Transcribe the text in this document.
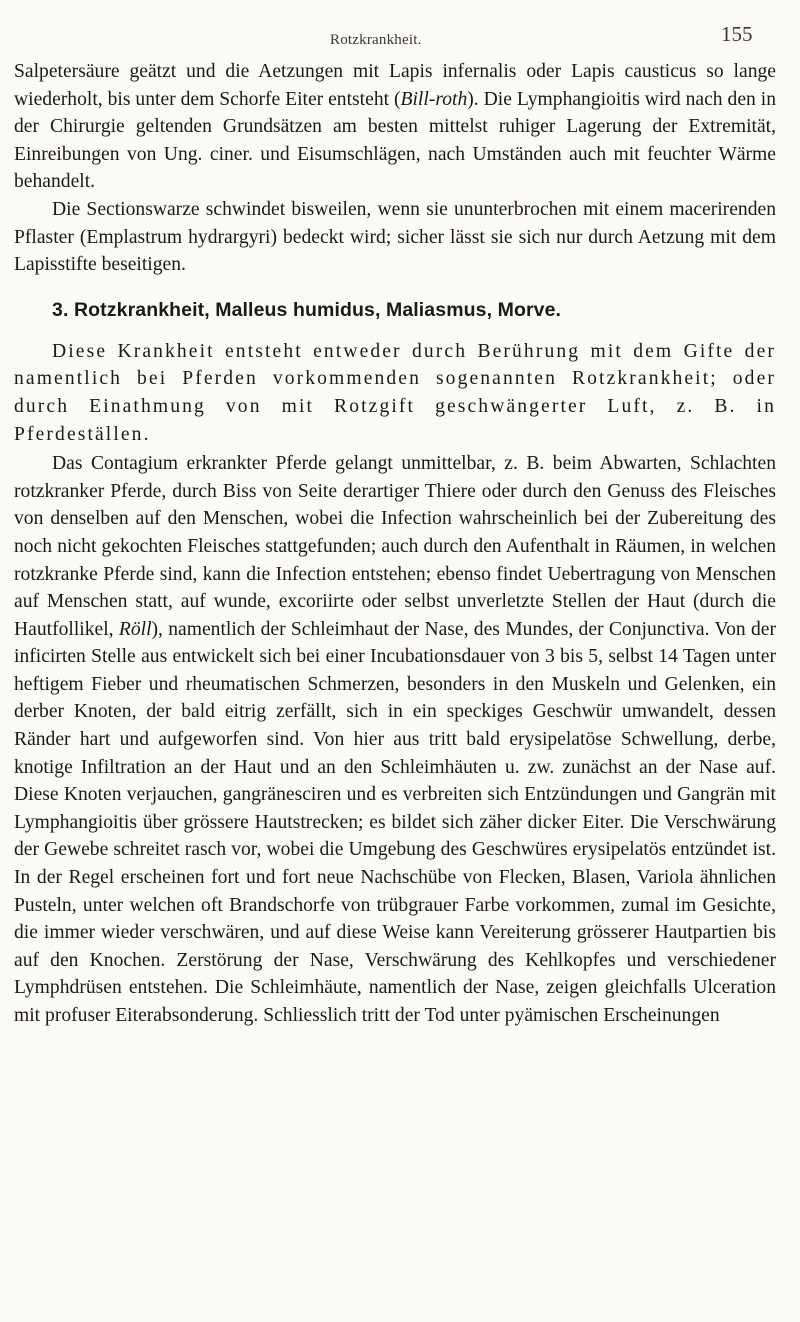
Rotzkrankheit.	155

Salpetersäure geätzt und die Aetzungen mit Lapis infernalis oder Lapis causticus so lange wiederholt, bis unter dem Schorfe Eiter entsteht (Bill-roth). Die Lymphangioitis wird nach den in der Chirurgie geltenden Grundsätzen am besten mittelst ruhiger Lagerung der Extremität, Einreibungen von Ung. ciner. und Eisumschlägen, nach Umständen auch mit feuchter Wärme behandelt.

Die Sectionswarze schwindet bisweilen, wenn sie ununterbrochen mit einem macerirenden Pflaster (Emplastrum hydrargyri) bedeckt wird; sicher lässt sie sich nur durch Aetzung mit dem Lapisstifte beseitigen.

3. Rotzkrankheit, Malleus humidus, Maliasmus, Morve.

Diese Krankheit entsteht entweder durch Berührung mit dem Gifte der namentlich bei Pferden vorkommenden sogenannten Rotzkrankheit; oder durch Einathmung von mit Rotzgift geschwängerter Luft, z. B. in Pferdeställen.

Das Contagium erkrankter Pferde gelangt unmittelbar, z. B. beim Abwarten, Schlachten rotzkranker Pferde, durch Biss von Seite derartiger Thiere oder durch den Genuss des Fleisches von denselben auf den Menschen, wobei die Infection wahrscheinlich bei der Zubereitung des noch nicht gekochten Fleisches stattgefunden; auch durch den Aufenthalt in Räumen, in welchen rotzkranke Pferde sind, kann die Infection entstehen; ebenso findet Uebertragung von Menschen auf Menschen statt, auf wunde, excoriirte oder selbst unverletzte Stellen der Haut (durch die Hautfollikel, Röll), namentlich der Schleimhaut der Nase, des Mundes, der Conjunctiva. Von der inficirten Stelle aus entwickelt sich bei einer Incubationsdauer von 3 bis 5, selbst 14 Tagen unter heftigem Fieber und rheumatischen Schmerzen, besonders in den Muskeln und Gelenken, ein derber Knoten, der bald eitrig zerfällt, sich in ein speckiges Geschwür umwandelt, dessen Ränder hart und aufgeworfen sind. Von hier aus tritt bald erysipelatöse Schwellung, derbe, knotige Infiltration an der Haut und an den Schleimhäuten u. zw. zunächst an der Nase auf. Diese Knoten verjauchen, gangränesciren und es verbreiten sich Entzündungen und Gangrän mit Lymphangioitis über grössere Hautstrecken; es bildet sich zäher dicker Eiter. Die Verschwärung der Gewebe schreitet rasch vor, wobei die Umgebung des Geschwüres erysipelatös entzündet ist. In der Regel erscheinen fort und fort neue Nachschübe von Flecken, Blasen, Variola ähnlichen Pusteln, unter welchen oft Brandschorfe von trübgrauer Farbe vorkommen, zumal im Gesichte, die immer wieder verschwären, und auf diese Weise kann Vereiterung grösserer Hautpartien bis auf den Knochen. Zerstörung der Nase, Verschwärung des Kehlkopfes und verschiedener Lymphdrüsen entstehen. Die Schleimhäute, namentlich der Nase, zeigen gleichfalls Ulceration mit profuser Eiterabsonderung. Schliesslich tritt der Tod unter pyämischen Erscheinungen
